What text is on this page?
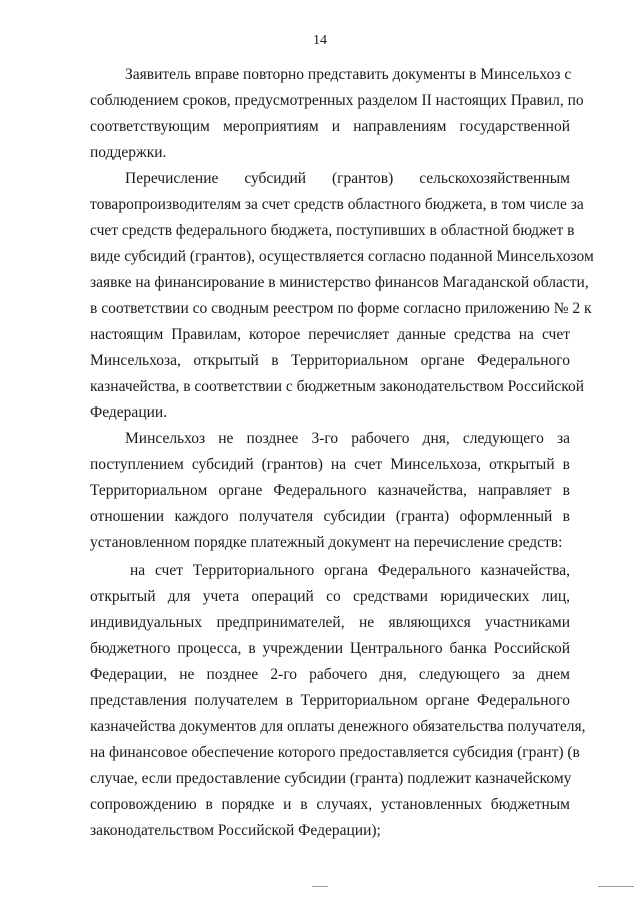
14
Заявитель вправе повторно представить документы в Минсельхоз с
соблюдением сроков, предусмотренных разделом II настоящих Правил, по
соответствующим мероприятиям и направлениям государственной
поддержки.
Перечисление субсидий (грантов) сельскохозяйственным
товаропроизводителям за счет средств областного бюджета, в том числе за
счет средств федерального бюджета, поступивших в областной бюджет в
виде субсидий (грантов), осуществляется согласно поданной Минсельхозом
заявке на финансирование в министерство финансов Магаданской области,
в соответствии со сводным реестром по форме согласно приложению № 2 к
настоящим Правилам, которое перечисляет данные средства на счет
Минсельхоза, открытый в Территориальном органе Федерального
казначейства, в соответствии с бюджетным законодательством Российской
Федерации.
Минсельхоз не позднее 3-го рабочего дня, следующего за
поступлением субсидий (грантов) на счет Минсельхоза, открытый в
Территориальном органе Федерального казначейства, направляет в
отношении каждого получателя субсидии (гранта) оформленный в
установленном порядке платежный документ на перечисление средств:
на счет Территориального органа Федерального казначейства,
открытый для учета операций со средствами юридических лиц,
индивидуальных предпринимателей, не являющихся участниками
бюджетного процесса, в учреждении Центрального банка Российской
Федерации, не позднее 2-го рабочего дня, следующего за днем
представления получателем в Территориальном органе Федерального
казначейства документов для оплаты денежного обязательства получателя,
на финансовое обеспечение которого предоставляется субсидия (грант) (в
случае, если предоставление субсидии (гранта) подлежит казначейскому
сопровождению в порядке и в случаях, установленных бюджетным
законодательством Российской Федерации);
